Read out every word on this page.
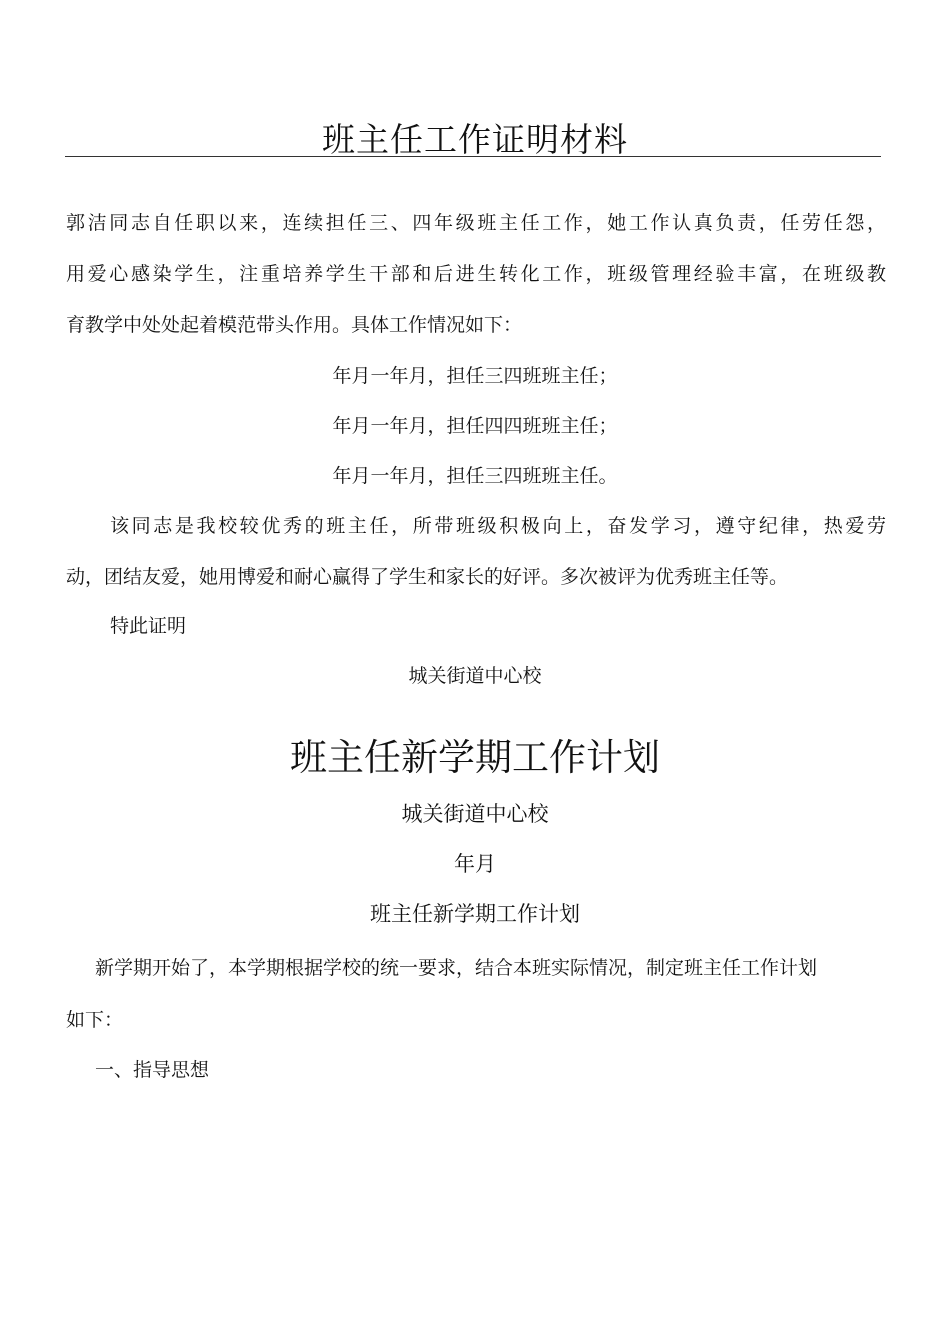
班主任工作证明材料
郭洁同志自任职以来，连续担任三、四年级班主任工作，她工作认真负责，任劳任怨，
用爱心感染学生，注重培养学生干部和后进生转化工作，班级管理经验丰富，在班级教
育教学中处处起着模范带头作用。具体工作情况如下：
年月一年月，担任三四班班主任；
年月一年月，担任四四班班主任；
年月一年月，担任三四班班主任。
该同志是我校较优秀的班主任，所带班级积极向上，奋发学习，遵守纪律，热爱劳
动，团结友爱，她用博爱和耐心赢得了学生和家长的好评。多次被评为优秀班主任等。
特此证明
城关街道中心校
班主任新学期工作计划
城关街道中心校
年月
班主任新学期工作计划
新学期开始了，本学期根据学校的统一要求，结合本班实际情况，制定班主任工作计划
如下：
一、指导思想
